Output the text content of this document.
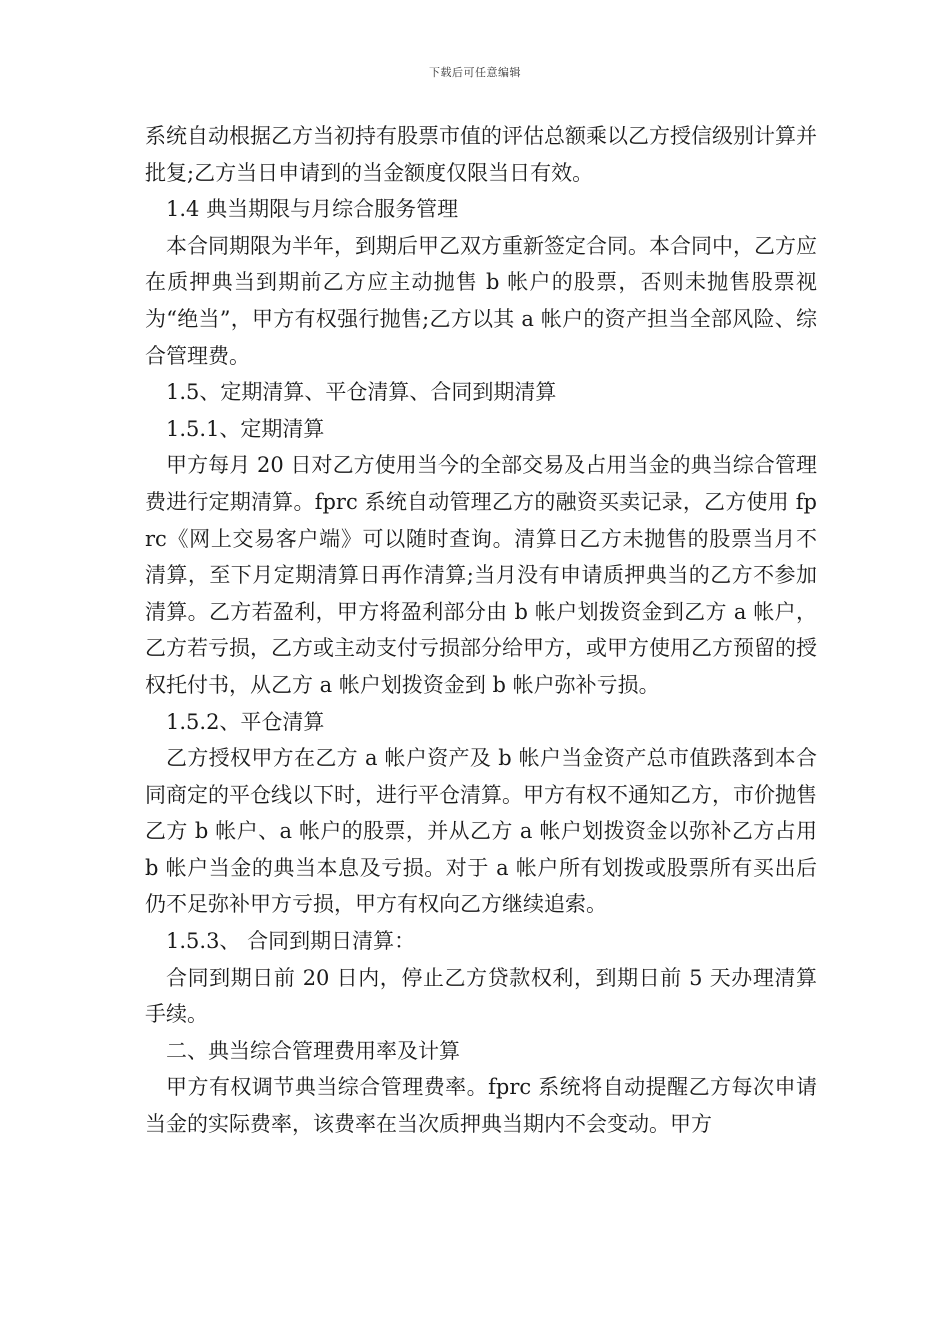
下载后可任意编辑

系统自动根据乙方当初持有股票市值的评估总额乘以乙方授信级别计算并批复;乙方当日申请到的当金额度仅限当日有效。

1.4 典当期限与月综合服务管理

本合同期限为半年，到期后甲乙双方重新签定合同。本合同中，乙方应在质押典当到期前乙方应主动抛售 b 帐户的股票，否则未抛售股票视为“绝当”，甲方有权强行抛售;乙方以其 a 帐户的资产担当全部风险、综合管理费。

1.5、定期清算、平仓清算、合同到期清算

1.5.1、定期清算

甲方每月 20 日对乙方使用当今的全部交易及占用当金的典当综合管理费进行定期清算。fprc 系统自动管理乙方的融资买卖记录，乙方使用 fprc《网上交易客户端》可以随时查询。清算日乙方未抛售的股票当月不清算，至下月定期清算日再作清算;当月没有申请质押典当的乙方不参加清算。乙方若盈利，甲方将盈利部分由 b 帐户划拨资金到乙方 a 帐户，乙方若亏损，乙方或主动支付亏损部分给甲方，或甲方使用乙方预留的授权托付书，从乙方 a 帐户划拨资金到 b 帐户弥补亏损。

1.5.2、平仓清算

乙方授权甲方在乙方 a 帐户资产及 b 帐户当金资产总市值跌落到本合同商定的平仓线以下时，进行平仓清算。甲方有权不通知乙方，市价抛售乙方 b 帐户、a 帐户的股票，并从乙方 a 帐户划拨资金以弥补乙方占用 b 帐户当金的典当本息及亏损。对于 a 帐户所有划拨或股票所有买出后仍不足弥补甲方亏损，甲方有权向乙方继续追索。

1.5.3、 合同到期日清算：

合同到期日前 20 日内，停止乙方贷款权利，到期日前 5 天办理清算手续。

二、典当综合管理费用率及计算

甲方有权调节典当综合管理费率。fprc 系统将自动提醒乙方每次申请当金的实际费率，该费率在当次质押典当期内不会变动。甲方
